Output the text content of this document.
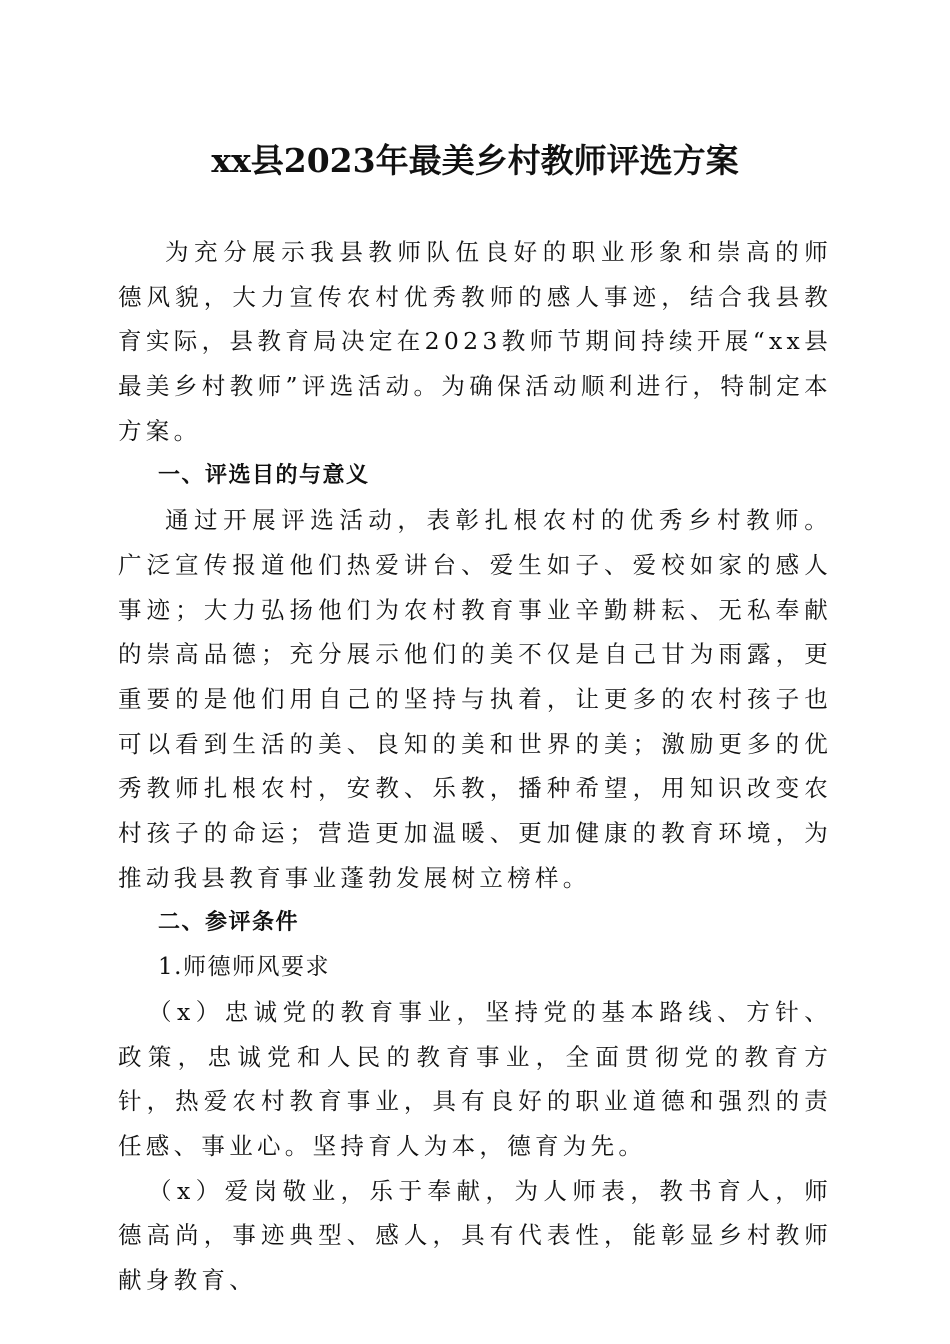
xx县2023年最美乡村教师评选方案

为充分展示我县教师队伍良好的职业形象和崇高的师德风貌，大力宣传农村优秀教师的感人事迹，结合我县教育实际，县教育局决定在2023教师节期间持续开展“xx县最美乡村教师”评选活动。为确保活动顺利进行，特制定本方案。

一、评选目的与意义

通过开展评选活动，表彰扎根农村的优秀乡村教师。广泛宣传报道他们热爱讲台、爱生如子、爱校如家的感人事迹；大力弘扬他们为农村教育事业辛勤耕耘、无私奉献的崇高品德；充分展示他们的美不仅是自己甘为雨露，更重要的是他们用自己的坚持与执着，让更多的农村孩子也可以看到生活的美、良知的美和世界的美；激励更多的优秀教师扎根农村，安教、乐教，播种希望，用知识改变农村孩子的命运；营造更加温暖、更加健康的教育环境，为推动我县教育事业蓬勃发展树立榜样。

二、参评条件

1.师德师风要求

（x）忠诚党的教育事业，坚持党的基本路线、方针、政策，忠诚党和人民的教育事业，全面贯彻党的教育方针，热爱农村教育事业，具有良好的职业道德和强烈的责任感、事业心。坚持育人为本，德育为先。

（x）爱岗敬业，乐于奉献，为人师表，教书育人，师德高尚，事迹典型、感人，具有代表性，能彰显乡村教师献身教育、
